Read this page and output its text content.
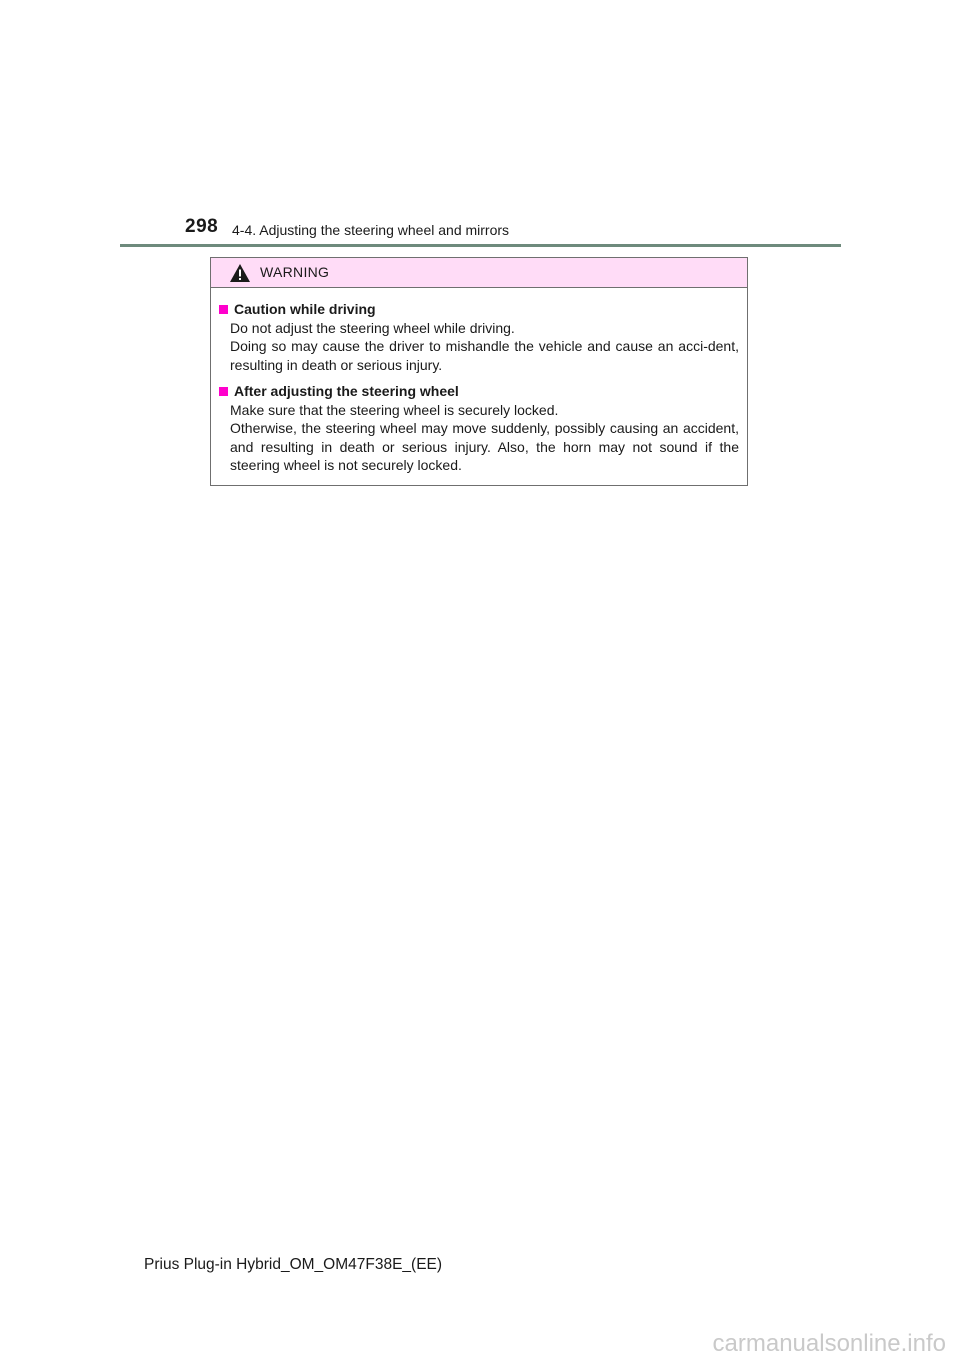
298 4-4. Adjusting the steering wheel and mirrors
WARNING
Caution while driving

Do not adjust the steering wheel while driving.

Doing so may cause the driver to mishandle the vehicle and cause an acci-dent, resulting in death or serious injury.

After adjusting the steering wheel

Make sure that the steering wheel is securely locked.

Otherwise, the steering wheel may move suddenly, possibly causing an accident, and resulting in death or serious injury. Also, the horn may not sound if the steering wheel is not securely locked.

Prius Plug-in Hybrid_OM_OM47F38E_(EE)
carmanualsonline.info
